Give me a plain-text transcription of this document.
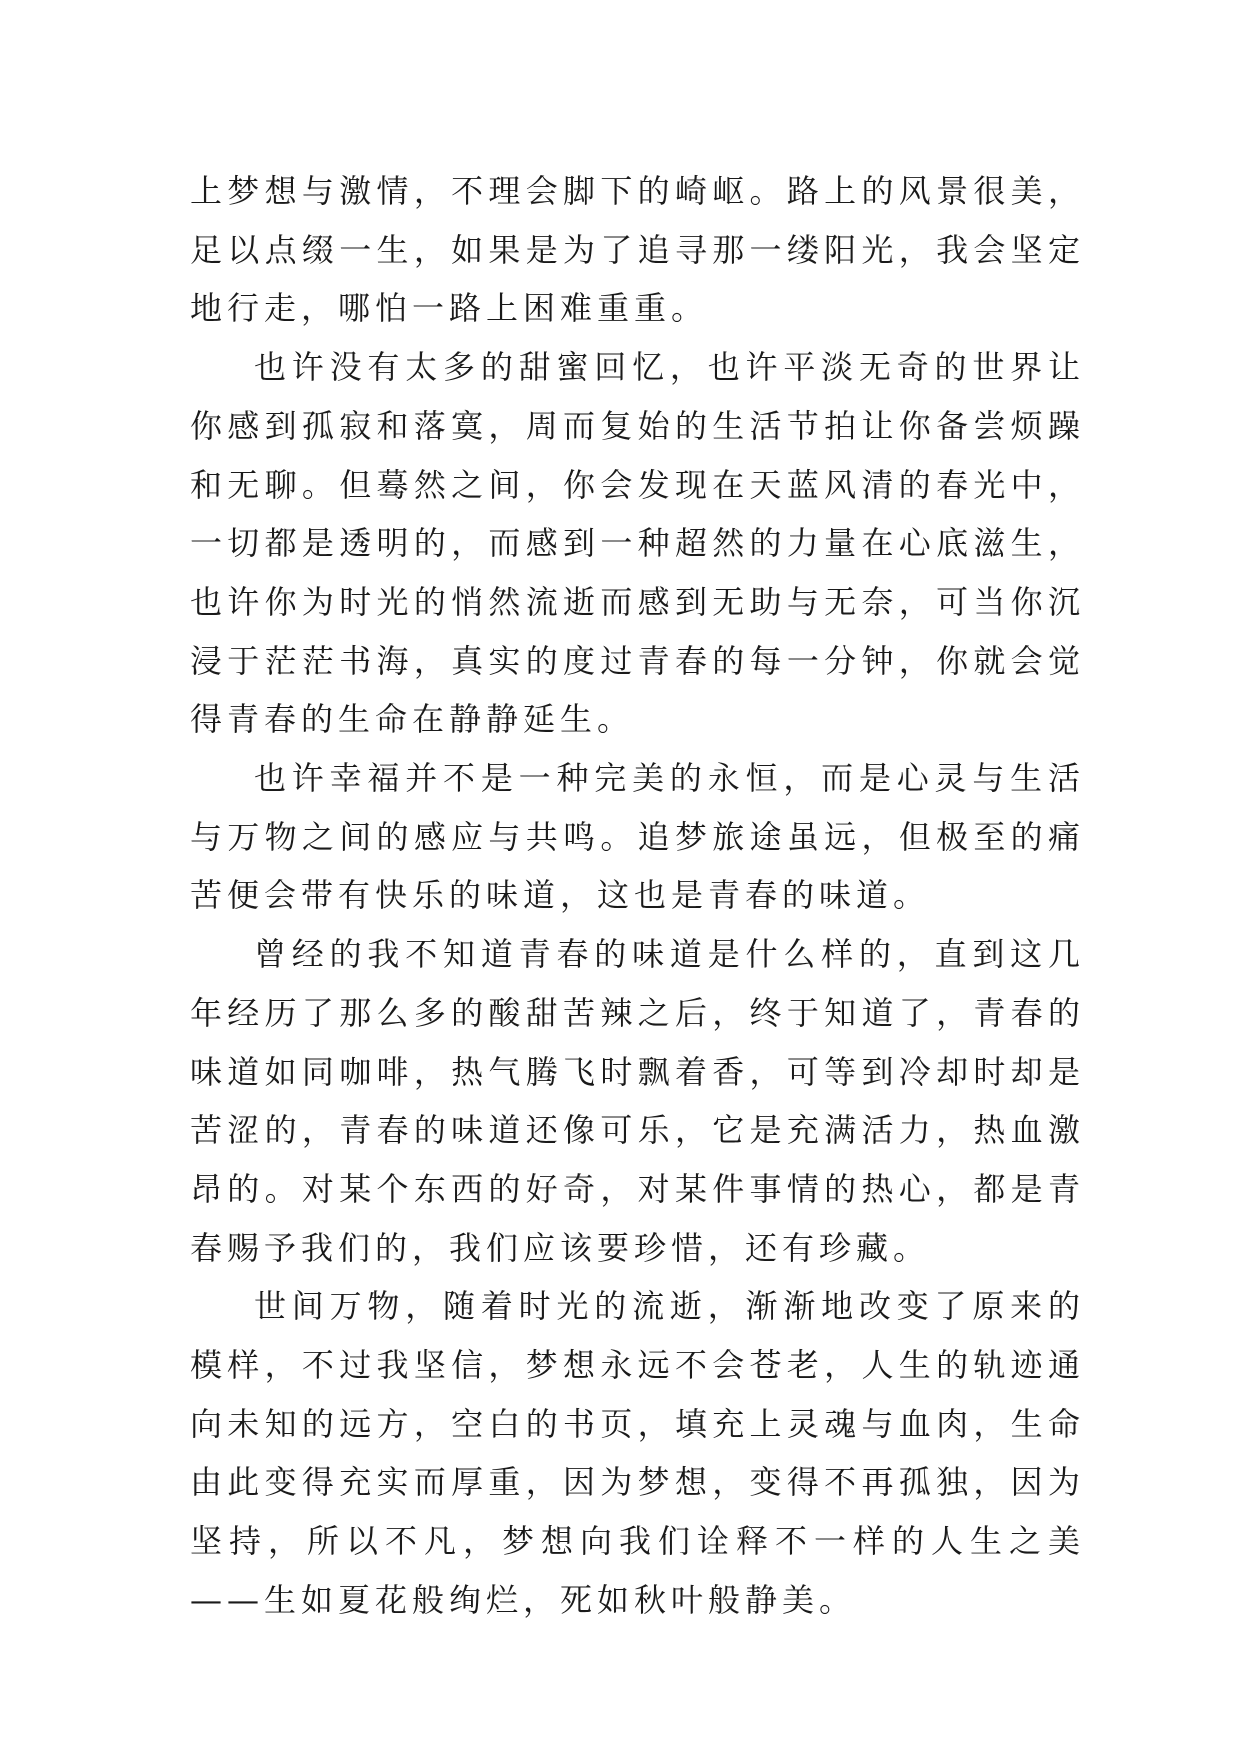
上梦想与激情，不理会脚下的崎岖。路上的风景很美，足以点缀一生，如果是为了追寻那一缕阳光，我会坚定地行走，哪怕一路上困难重重。

也许没有太多的甜蜜回忆，也许平淡无奇的世界让你感到孤寂和落寞，周而复始的生活节拍让你备尝烦躁和无聊。但蓦然之间，你会发现在天蓝风清的春光中，一切都是透明的，而感到一种超然的力量在心底滋生，也许你为时光的悄然流逝而感到无助与无奈，可当你沉浸于茫茫书海，真实的度过青春的每一分钟，你就会觉得青春的生命在静静延生。

也许幸福并不是一种完美的永恒，而是心灵与生活与万物之间的感应与共鸣。追梦旅途虽远，但极至的痛苦便会带有快乐的味道，这也是青春的味道。

曾经的我不知道青春的味道是什么样的，直到这几年经历了那么多的酸甜苦辣之后，终于知道了，青春的味道如同咖啡，热气腾飞时飘着香，可等到冷却时却是苦涩的，青春的味道还像可乐，它是充满活力，热血激昂的。对某个东西的好奇，对某件事情的热心，都是青春赐予我们的，我们应该要珍惜，还有珍藏。

世间万物，随着时光的流逝，渐渐地改变了原来的模样，不过我坚信，梦想永远不会苍老，人生的轨迹通向未知的远方，空白的书页，填充上灵魂与血肉，生命由此变得充实而厚重，因为梦想，变得不再孤独，因为坚持，所以不凡，梦想向我们诠释不一样的人生之美——生如夏花般绚烂，死如秋叶般静美。
